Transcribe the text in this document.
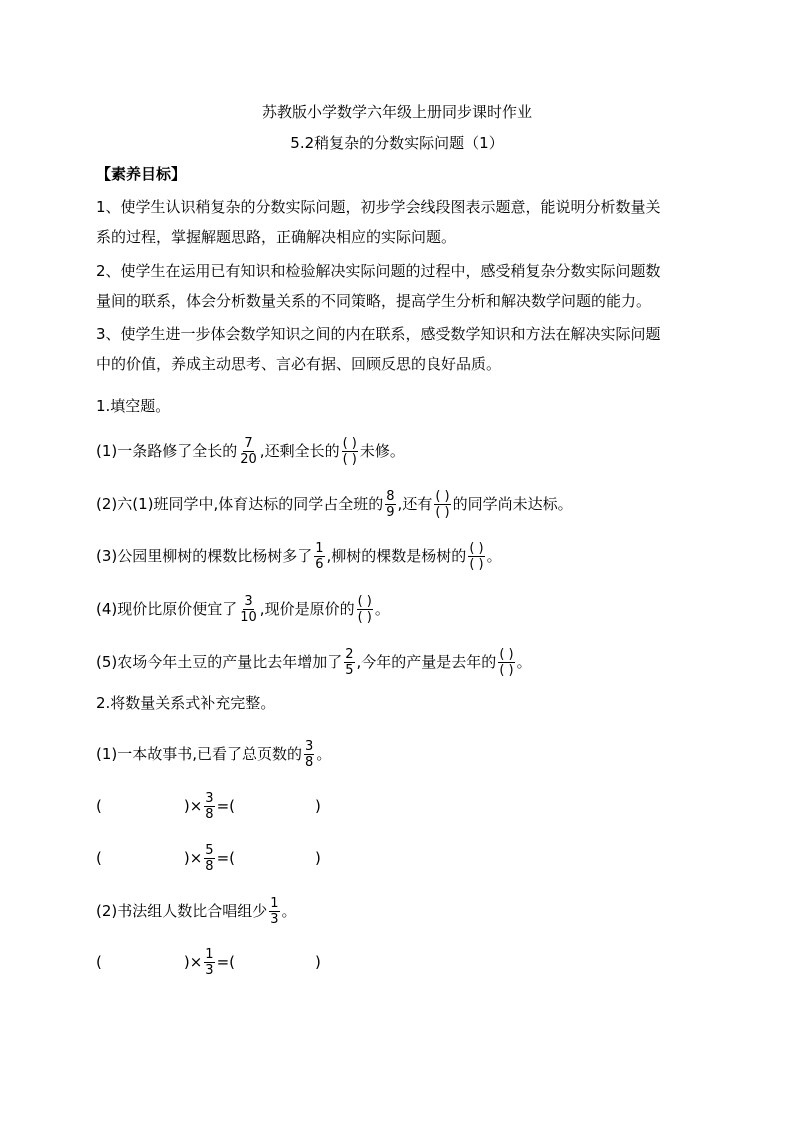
苏教版小学数学六年级上册同步课时作业
5.2稍复杂的分数实际问题（1）
【素养目标】
1、使学生认识稍复杂的分数实际问题，初步学会线段图表示题意，能说明分析数量关
系的过程，掌握解题思路，正确解决相应的实际问题。
2、使学生在运用已有知识和检验解决实际问题的过程中，感受稍复杂分数实际问题数
量间的联系，体会分析数量关系的不同策略，提高学生分析和解决数学问题的能力。
3、使学生进一步体会数学知识之间的内在联系，感受数学知识和方法在解决实际问题
中的价值，养成主动思考、言必有据、回顾反思的良好品质。
1.填空题。
(1)一条路修了全长的 $\frac{7}{20}$ ,还剩全长的 $\frac{( )}{( )}$ 未修。
(2)六(1)班同学中,体育达标的同学占全班的 $\frac{8}{9}$ ,还有 $\frac{( )}{( )}$ 的同学尚未达标。
(3)公园里柳树的棵数比杨树多了 $\frac{1}{6}$ ,柳树的棵数是杨树的 $\frac{( )}{( )}$ 。
(4)现价比原价便宜了 $\frac{3}{10}$ ,现价是原价的 $\frac{( )}{( )}$ 。
(5)农场今年土豆的产量比去年增加了 $\frac{2}{5}$ ,今年的产量是去年的 $\frac{( )}{( )}$ 。
2.将数量关系式补充完整。
(1)一本故事书,已看了总页数的 $\frac{3}{8}$ 。
(	)× $\frac{3}{8}$ =(	)
(	)× $\frac{5}{8}$ =(	)
(2)书法组人数比合唱组少 $\frac{1}{3}$ 。
(	)× $\frac{1}{3}$ =(	)
